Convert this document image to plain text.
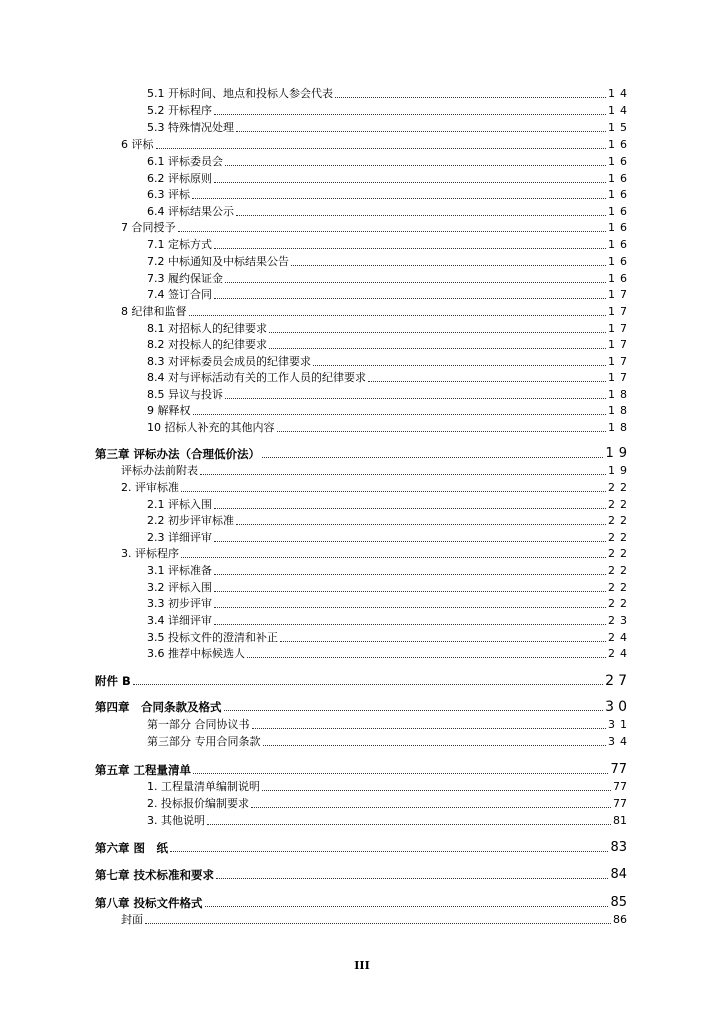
5.1 开标时间、地点和投标人参会代表	14
5.2 开标程序	14
5.3 特殊情况处理	15
6 评标	16
6.1 评标委员会	16
6.2 评标原则	16
6.3 评标	16
6.4 评标结果公示	16
7 合同授予	16
7.1 定标方式	16
7.2 中标通知及中标结果公告	16
7.3 履约保证金	16
7.4 签订合同	17
8 纪律和监督	17
8.1 对招标人的纪律要求	17
8.2 对投标人的纪律要求	17
8.3 对评标委员会成员的纪律要求	17
8.4 对与评标活动有关的工作人员的纪律要求	17
8.5 异议与投诉	18
9 解释权	18
10 招标人补充的其他内容	18
第三章 评标办法（合理低价法）	19
评标办法前附表	19
2. 评审标准	22
2.1 评标入围	22
2.2 初步评审标准	22
2.3 详细评审	22
3. 评标程序	22
3.1 评标准备	22
3.2 评标入围	22
3.3 初步评审	22
3.4 详细评审	23
3.5 投标文件的澄清和补正	24
3.6 推荐中标候选人	24
附件 B	27
第四章　合同条款及格式	30
第一部分 合同协议书	31
第三部分 专用合同条款	34
第五章 工程量清单	77
1. 工程量清单编制说明	77
2. 投标报价编制要求	77
3. 其他说明	81
第六章 图　纸	83
第七章 技术标准和要求	84
第八章 投标文件格式	85
封面	86
III
